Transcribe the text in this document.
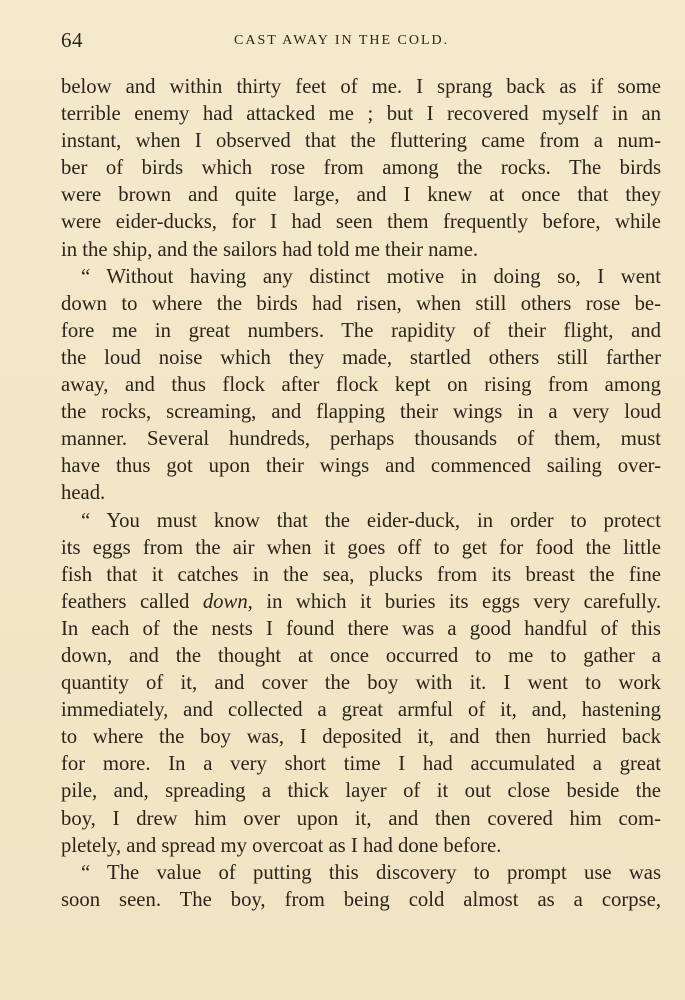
64	CAST AWAY IN THE COLD.
below and within thirty feet of me. I sprang back as if some
terrible enemy had attacked me ; but I recovered myself in an
instant, when I observed that the fluttering came from a num-
ber of birds which rose from among the rocks. The birds
were brown and quite large, and I knew at once that they
were eider-ducks, for I had seen them frequently before, while
in the ship, and the sailors had told me their name.
“ Without having any distinct motive in doing so, I went
down to where the birds had risen, when still others rose be-
fore me in great numbers. The rapidity of their flight, and
the loud noise which they made, startled others still farther
away, and thus flock after flock kept on rising from among
the rocks, screaming, and flapping their wings in a very loud
manner. Several hundreds, perhaps thousands of them, must
have thus got upon their wings and commenced sailing over-
head.
“ You must know that the eider-duck, in order to protect
its eggs from the air when it goes off to get for food the little
fish that it catches in the sea, plucks from its breast the fine
feathers called down, in which it buries its eggs very carefully.
In each of the nests I found there was a good handful of this
down, and the thought at once occurred to me to gather a
quantity of it, and cover the boy with it. I went to work
immediately, and collected a great armful of it, and, hastening
to where the boy was, I deposited it, and then hurried back
for more. In a very short time I had accumulated a great
pile, and, spreading a thick layer of it out close beside the
boy, I drew him over upon it, and then covered him com-
pletely, and spread my overcoat as I had done before.
“ The value of putting this discovery to prompt use was
soon seen. The boy, from being cold almost as a corpse,
